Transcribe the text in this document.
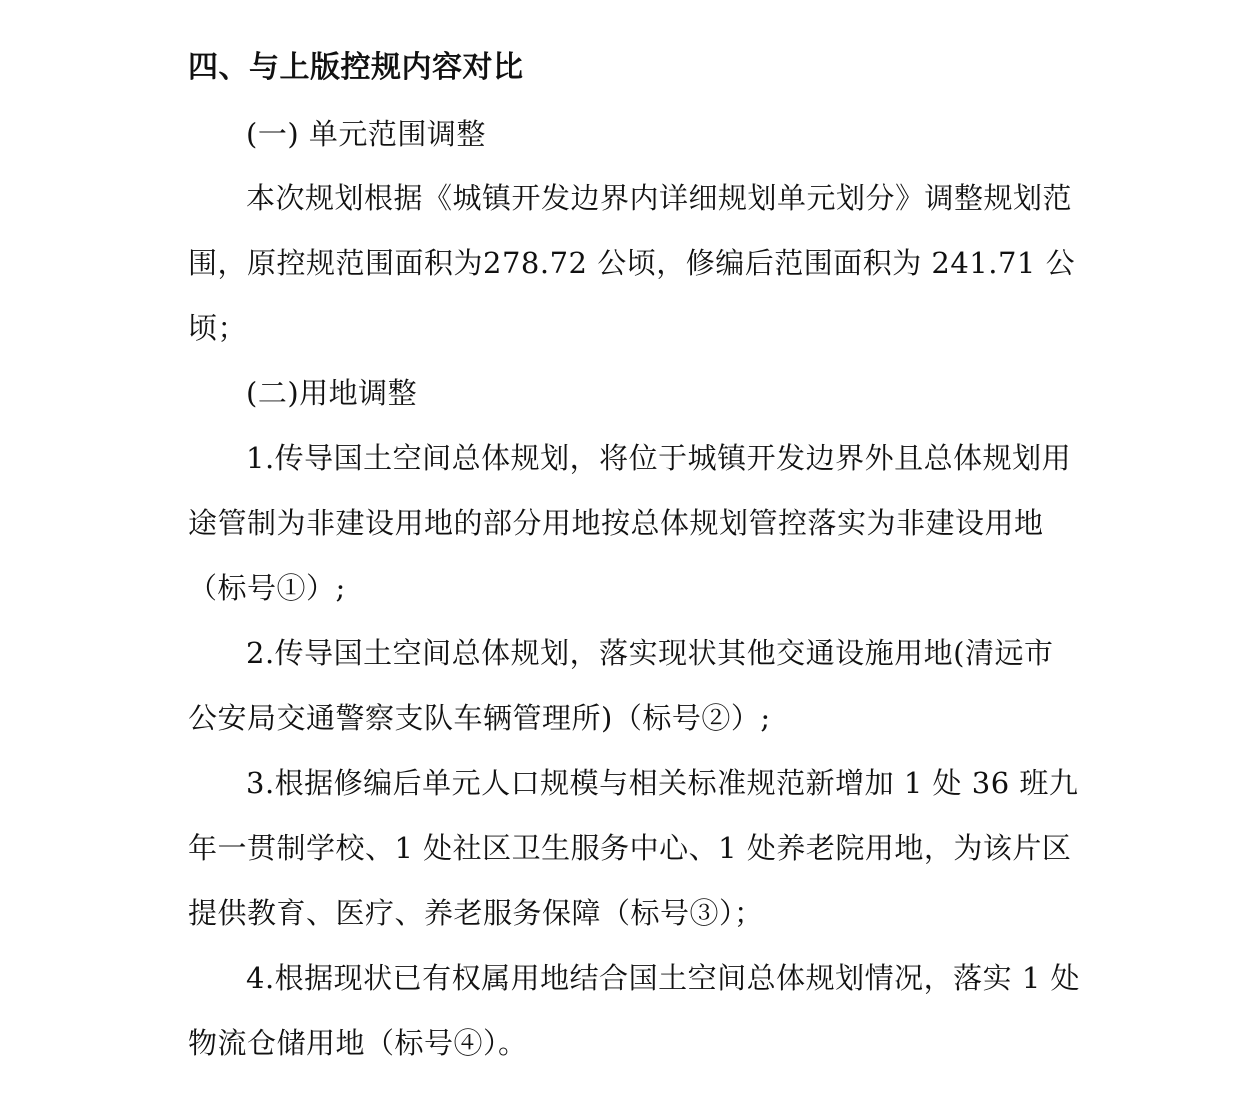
四、与上版控规内容对比
(一) 单元范围调整
本次规划根据《城镇开发边界内详细规划单元划分》调整规划范
围，原控规范围面积为278.72 公顷，修编后范围面积为 241.71 公
顷；
(二)用地调整
1.传导国土空间总体规划，将位于城镇开发边界外且总体规划用
途管制为非建设用地的部分用地按总体规划管控落实为非建设用地
（标号①）;
2.传导国土空间总体规划，落实现状其他交通设施用地(清远市
公安局交通警察支队车辆管理所)（标号②）;
3.根据修编后单元人口规模与相关标准规范新增加 1 处 36 班九
年一贯制学校、1 处社区卫生服务中心、1 处养老院用地，为该片区
提供教育、医疗、养老服务保障（标号③）；
4.根据现状已有权属用地结合国土空间总体规划情况，落实 1 处
物流仓储用地（标号④）。
